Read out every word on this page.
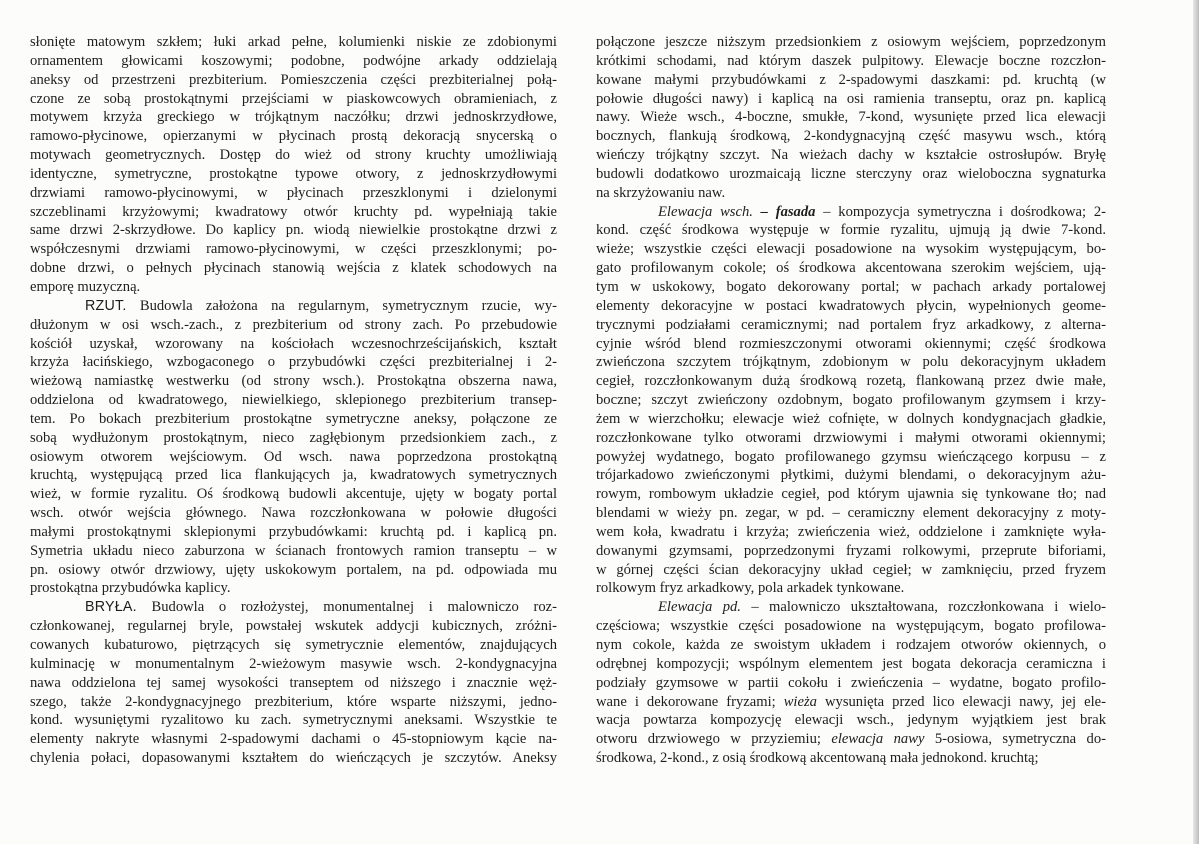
słonięte matowym szkłem; łuki arkad pełne, kolumienki niskie ze zdobionymi
ornamentem głowicami koszowymi; podobne, podwójne arkady oddzielają
aneksy od przestrzeni prezbiterium. Pomieszczenia części prezbiterialnej połą-
czone ze sobą prostokątnymi przejściami w piaskowcowych obramieniach, z
motywem krzyża greckiego w trójkątnym naczółku; drzwi jednoskrzydłowe,
ramowo-płycinowe, opierzanymi w płycinach prostą dekoracją snycerską o
motywach geometrycznych. Dostęp do wież od strony kruchty umożliwiają
identyczne, symetryczne, prostokątne typowe otwory, z jednoskrzydłowymi
drzwiami ramowo-płycinowymi, w płycinach przeszklonymi i dzielonymi
szczeblinami krzyżowymi; kwadratowy otwór kruchty pd. wypełniają takie
same drzwi 2-skrzydłowe. Do kaplicy pn. wiodą niewielkie prostokątne drzwi z
współczesnymi drzwiami ramowo-płycinowymi, w części przeszklonymi; po-
dobne drzwi, o pełnych płycinach stanowią wejścia z klatek schodowych na
emporę muzyczną.
RZUT. Budowla założona na regularnym, symetrycznym rzucie, wy-
dłużonym w osi wsch.-zach., z prezbiterium od strony zach. Po przebudowie
kościół uzyskał, wzorowany na kościołach wczesnochrześcijańskich, kształt
krzyża łacińskiego, wzbogaconego o przybudówki części prezbiterialnej i 2-
wieżową namiastkę westwerku (od strony wsch.). Prostokątna obszerna nawa,
oddzielona od kwadratowego, niewielkiego, sklepionego prezbiterium transep-
tem. Po bokach prezbiterium prostokątne symetryczne aneksy, połączone ze
sobą wydłużonym prostokątnym, nieco zagłębionym przedsionkiem zach., z
osiowym otworem wejściowym. Od wsch. nawa poprzedzona prostokątną
kruchtą, występującą przed lica flankujących ja, kwadratowych symetrycznych
wież, w formie ryzalitu. Oś środkową budowli akcentuje, ujęty w bogaty portal
wsch. otwór wejścia głównego. Nawa rozczłonkowana w połowie długości
małymi prostokątnymi sklepionymi przybudówkami: kruchtą pd. i kaplicą pn.
Symetria układu nieco zaburzona w ścianach frontowych ramion transeptu – w
pn. osiowy otwór drzwiowy, ujęty uskokowym portalem, na pd. odpowiada mu
prostokątna przybudówka kaplicy.
BRYŁA. Budowla o rozłożystej, monumentalnej i malowniczo roz-
członkowanej, regularnej bryle, powstałej wskutek addycji kubicznych, zróżni-
cowanych kubaturowo, piętrzących się symetrycznie elementów, znajdujących
kulminację w monumentalnym 2-wieżowym masywie wsch. 2-kondygnacyjna
nawa oddzielona tej samej wysokości transeptem od niższego i znacznie węż-
szego, także 2-kondygnacyjnego prezbiterium, które wsparte niższymi, jedno-
kond. wysuniętymi ryzalitowo ku zach. symetrycznymi aneksami. Wszystkie te
elementy nakryte własnymi 2-spadowymi dachami o 45-stopniowym kącie na-
chylenia połaci, dopasowanymi kształtem do wieńczących je szczytów. Aneksy
połączone jeszcze niższym przedsionkiem z osiowym wejściem, poprzedzonym
krótkimi schodami, nad którym daszek pulpitowy. Elewacje boczne rozczłon-
kowane małymi przybudówkami z 2-spadowymi daszkami: pd. kruchtą (w
połowie długości nawy) i kaplicą na osi ramienia transeptu, oraz pn. kaplicą
nawy. Wieże wsch., 4-boczne, smukłe, 7-kond, wysunięte przed lica elewacji
bocznych, flankują środkową, 2-kondygnacyjną część masywu wsch., którą
wieńczy trójkątny szczyt. Na wieżach dachy w kształcie ostrosłupów. Bryłę
budowli dodatkowo urozmaicają liczne sterczyny oraz wieloboczna sygnaturka
na skrzyżowaniu naw.
Elewacja wsch. – fasada – kompozycja symetryczna i dośrodkowa; 2-
kond. część środkowa występuje w formie ryzalitu, ujmują ją dwie 7-kond.
wieże; wszystkie części elewacji posadowione na wysokim występującym, bo-
gato profilowanym cokole; oś środkowa akcentowana szerokim wejściem, ują-
tym w uskokowy, bogato dekorowany portal; w pachach arkady portalowej
elementy dekoracyjne w postaci kwadratowych płycin, wypełnionych geome-
trycznymi podziałami ceramicznymi; nad portalem fryz arkadkowy, z alterna-
cyjnie wśród blend rozmieszczonymi otworami okiennymi; część środkowa
zwieńczona szczytem trójkątnym, zdobionym w polu dekoracyjnym układem
cegieł, rozczłonkowanym dużą środkową rozetą, flankowaną przez dwie małe,
boczne; szczyt zwieńczony ozdobnym, bogato profilowanym gzymsem i krzy-
żem w wierzchołku; elewacje wież cofnięte, w dolnych kondygnacjach gładkie,
rozczłonkowane tylko otworami drzwiowymi i małymi otworami okiennymi;
powyżej wydatnego, bogato profilowanego gzymsu wieńczącego korpusu – z
trójarkadowo zwieńczonymi płytkimi, dużymi blendami, o dekoracyjnym ażu-
rowym, rombowym układzie cegieł, pod którym ujawnia się tynkowane tło; nad
blendami w wieży pn. zegar, w pd. – ceramiczny element dekoracyjny z moty-
wem koła, kwadratu i krzyża; zwieńczenia wież, oddzielone i zamknięte wyła-
dowanymi gzymsami, poprzedzonymi fryzami rolkowymi, przeprute biforiami,
w górnej części ścian dekoracyjny układ cegieł; w zamknięciu, przed fryzem
rolkowym fryz arkadkowy, pola arkadek tynkowane.
Elewacja pd. – malowniczo ukształtowana, rozczłonkowana i wielo-
częściowa; wszystkie części posadowione na występującym, bogato profilowa-
nym cokole, każda ze swoistym układem i rodzajem otworów okiennych, o
odrębnej kompozycji; wspólnym elementem jest bogata dekoracja ceramiczna i
podziały gzymsowe w partii cokołu i zwieńczenia – wydatne, bogato profilo-
wane i dekorowane fryzami; wieża wysunięta przed lico elewacji nawy, jej ele-
wacja powtarza kompozycję elewacji wsch., jedynym wyjątkiem jest brak
otworu drzwiowego w przyziemiu; elewacja nawy 5-osiowa, symetryczna do-
środkowa, 2-kond., z osią środkową akcentowaną mała jednokond. kruchtą;
